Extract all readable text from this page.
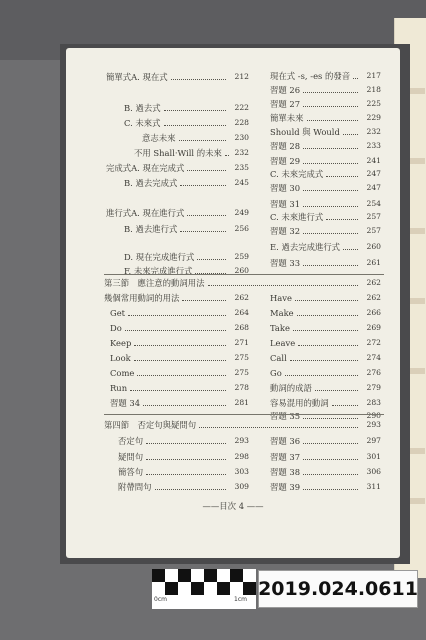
簡單式A. 現在式	212
B. 過去式	222
C. 未來式	228
意志未來	230
不用 Shall‧Will 的未來	232
完成式A. 現在完成式	235
B. 過去完成式	245
進行式A. 現在進行式	249
B. 過去進行式	256
D. 現在完成進行式	259
F. 未來完成進行式	260
現在式 -s, -es 的發音	217
習題 26	218
習題 27	225
簡單未來	229
Should 與 Would	232
習題 28	233
習題 29	241
C. 未來完成式	247
習題 30	247
習題 31	254
C. 未來進行式	257
習題 32	257
E. 過去完成進行式	260
習題 33	261
第三節　應注意的動詞用法	262
幾個常用動詞的用法	262
Get	264
Do	268
Keep	271
Look	275
Come	275
Run	278
習題 34	281
Have	262
Make	266
Take	269
Leave	272
Call	274
Go	276
動詞的成語	279
容易混用的動詞	283
習題 35	290
第四節　否定句與疑問句	293
否定句	293
疑問句	298
簡答句	303
附帶問句	309
習題 36	297
習題 37	301
習題 38	306
習題 39	311
——目次 4 ——
0cm	1cm 2019.024.0611
